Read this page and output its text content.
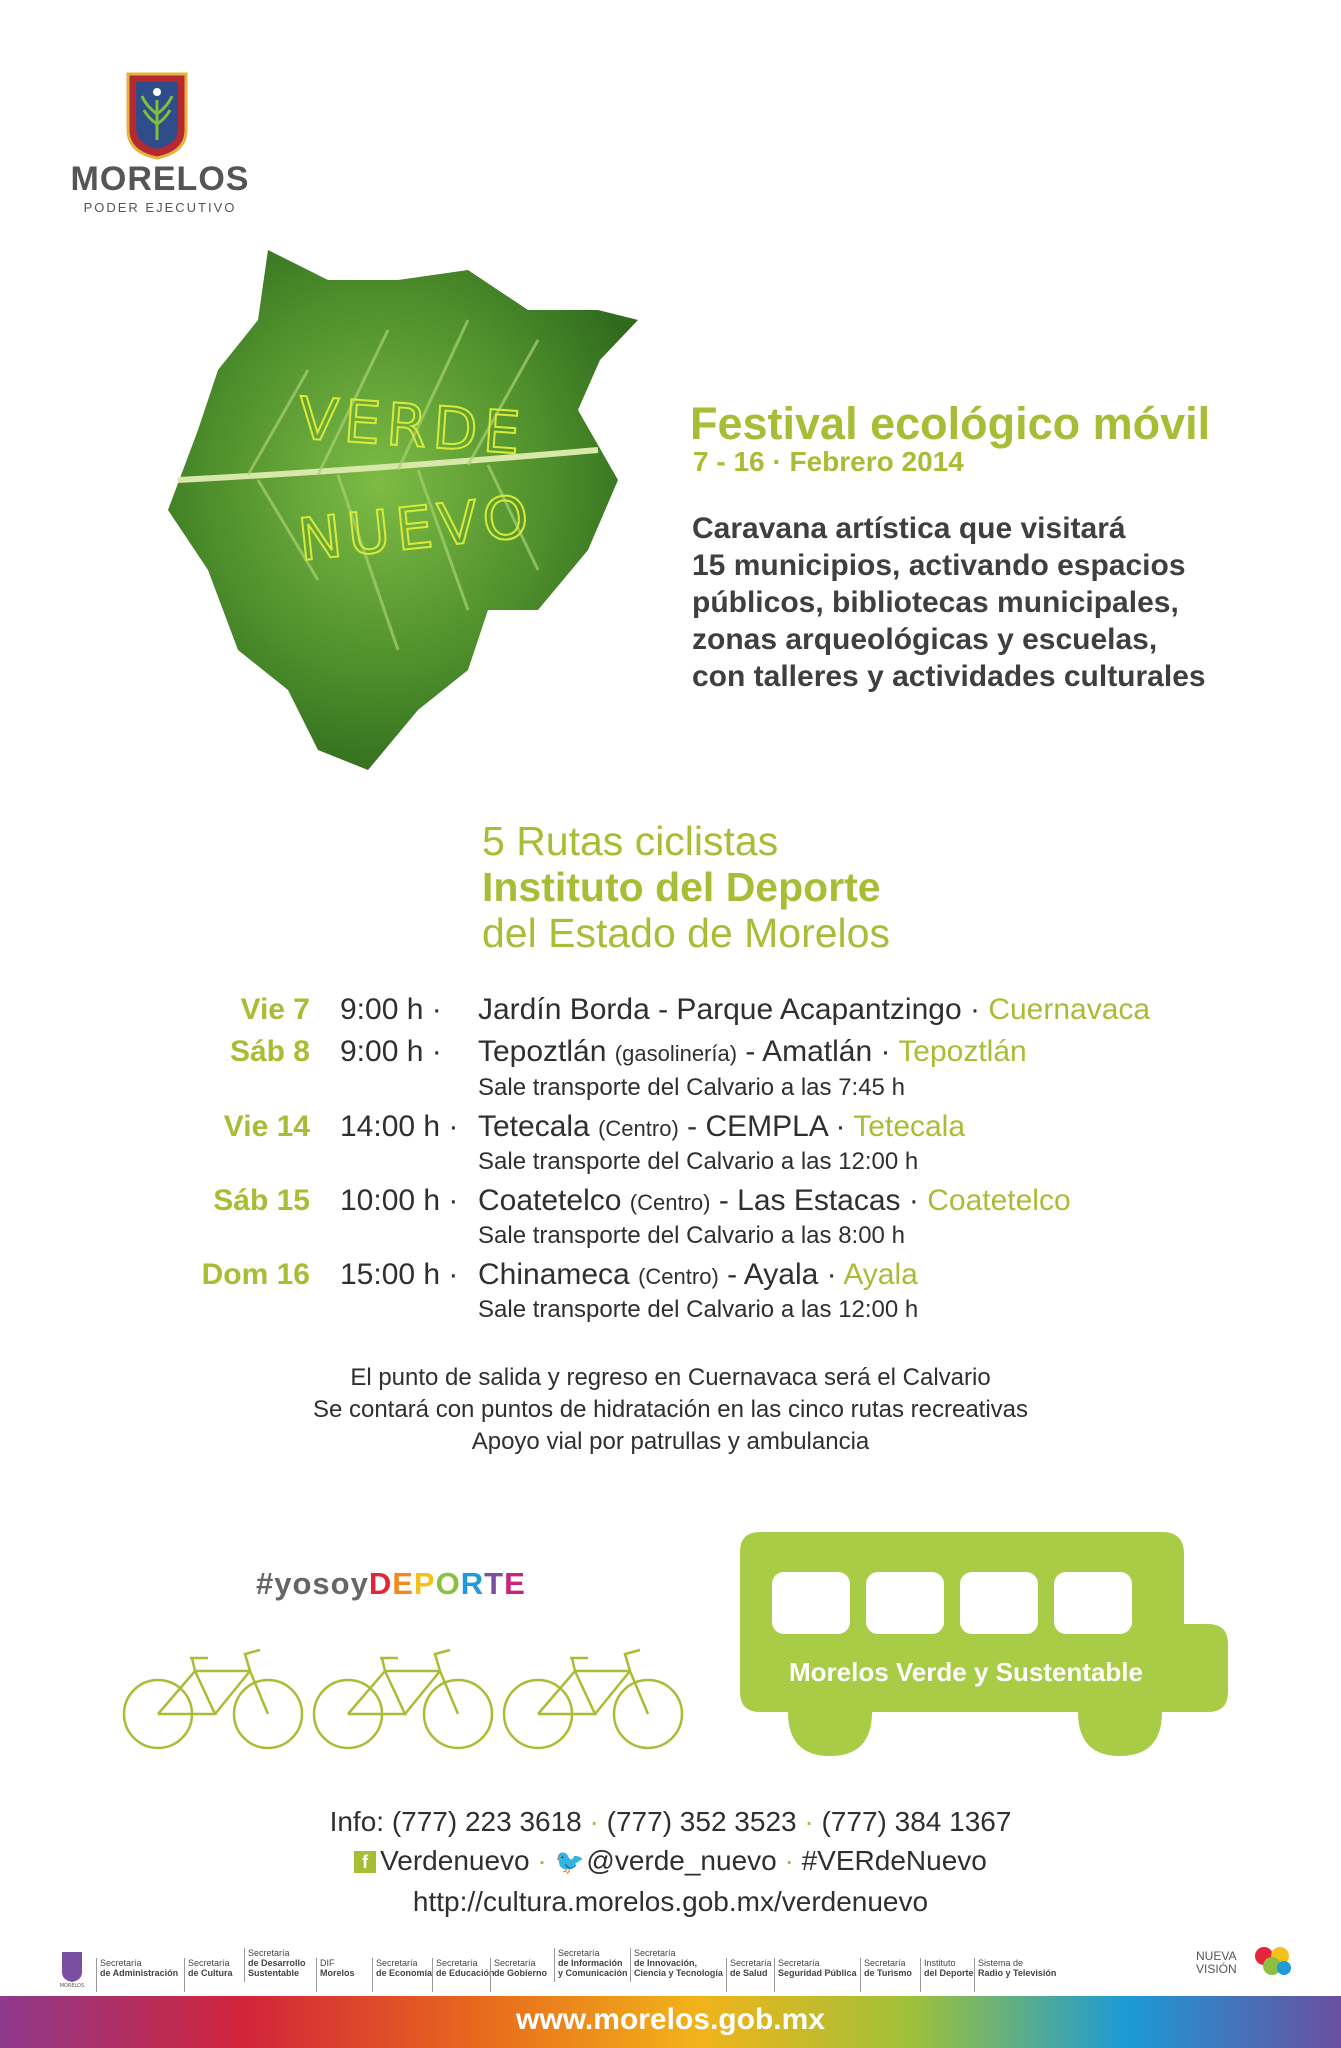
MORELOS
PODER EJECUTIVO
VERDE
NUEVO
Festival ecológico móvil
7 - 16 · Febrero 2014
Caravana artística que visitará
15 municipios, activando espacios
públicos, bibliotecas municipales,
zonas arqueológicas y escuelas,
con talleres y actividades culturales
5 Rutas ciclistas
Instituto del Deporte
del Estado de Morelos
Vie 7 9:00 h · Jardín Borda - Parque Acapantzingo · Cuernavaca
Sáb 8 9:00 h · Tepoztlán (gasolinería) - Amatlán · Tepoztlán
Sale transporte del Calvario a las 7:45 h
Vie 14 14:00 h · Tetecala (Centro) - CEMPLA · Tetecala
Sale transporte del Calvario a las 12:00 h
Sáb 15 10:00 h · Coatetelco (Centro) - Las Estacas · Coatetelco
Sale transporte del Calvario a las 8:00 h
Dom 16 15:00 h · Chinameca (Centro) - Ayala · Ayala
Sale transporte del Calvario a las 12:00 h
El punto de salida y regreso en Cuernavaca será el Calvario
Se contará con puntos de hidratación en las cinco rutas recreativas
Apoyo vial por patrullas y ambulancia
#yosoyDEPORTE
Morelos Verde y Sustentable
Info: (777) 223 3618 · (777) 352 3523 · (777) 384 1367
f Verdenuevo · 🐦@verde_nuevo · #VERdeNuevo
http://cultura.morelos.gob.mx/verdenuevo
MORELOS
Secretaría
de Administración
Secretaría
de Cultura
Secretaría
de Desarrollo
Sustentable
DIF
Morelos
Secretaría
de Economía
Secretaría
de Educación
Secretaría
de Gobierno
Secretaría
de Información
y Comunicación
Secretaría
de Innovación,
Ciencia y Tecnología
Secretaría
de Salud
Secretaría
Seguridad Pública
Secretaría
de Turismo
Instituto
del Deporte
Sistema de
Radio y Televisión
NUEVA
VISIÓN
www.morelos.gob.mx
